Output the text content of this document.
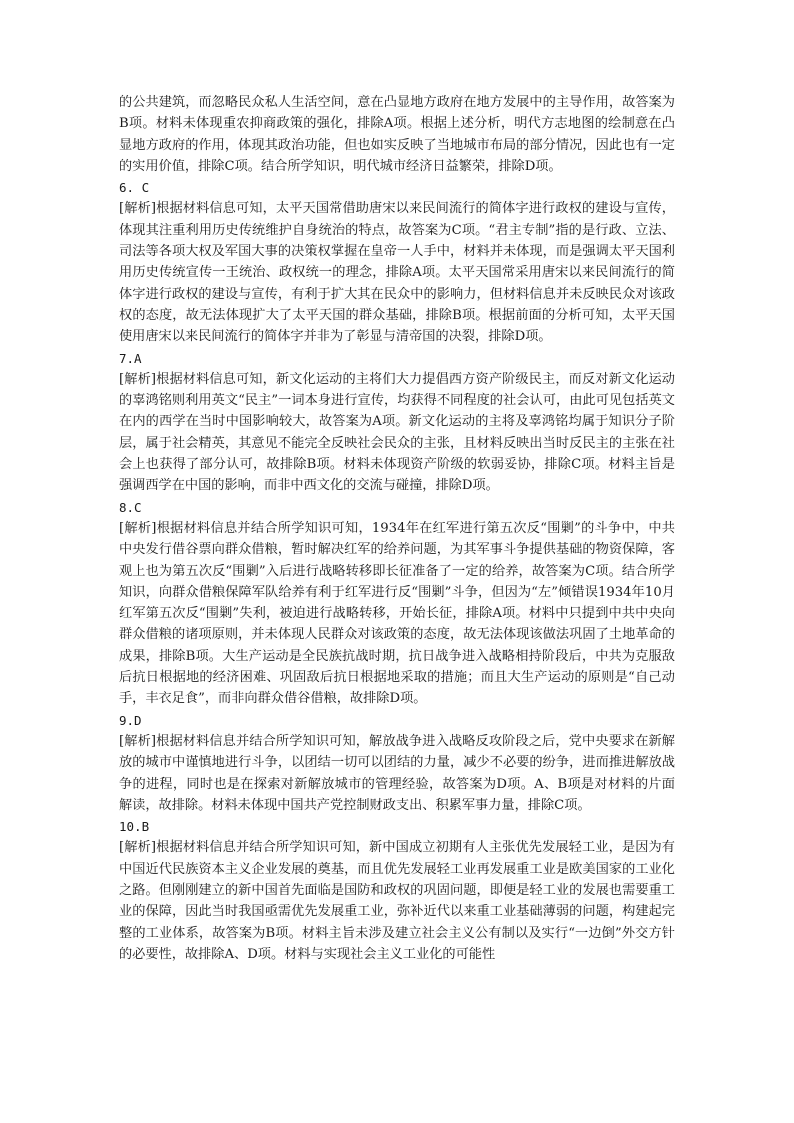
的公共建筑，而忽略民众私人生活空间，意在凸显地方政府在地方发展中的主导作用，故答案为B项。材料未体现重农抑商政策的强化，排除A项。根据上述分析，明代方志地图的绘制意在凸显地方政府的作用，体现其政治功能，但也如实反映了当地城市布局的部分情况，因此也有一定的实用价值，排除C项。结合所学知识，明代城市经济日益繁荣，排除D项。

6. C

[解析]根据材料信息可知，太平天国常借助唐宋以来民间流行的简体字进行政权的建设与宣传，体现其注重利用历史传统维护自身统治的特点，故答案为C项。“君主专制”指的是行政、立法、司法等各项大权及军国大事的决策权掌握在皇帝一人手中，材料并未体现，而是强调太平天国利用历史传统宣传一王统治、政权统一的理念，排除A项。太平天国常采用唐宋以来民间流行的简体字进行政权的建设与宣传，有利于扩大其在民众中的影响力，但材料信息并未反映民众对该政权的态度，故无法体现扩大了太平天国的群众基础，排除B项。根据前面的分析可知，太平天国使用唐宋以来民间流行的简体字并非为了彰显与清帝国的决裂，排除D项。

7.A

[解析]根据材料信息可知，新文化运动的主将们大力提倡西方资产阶级民主，而反对新文化运动的辜鸿铭则利用英文“民主”一词本身进行宣传，均获得不同程度的社会认可，由此可见包括英文在内的西学在当时中国影响较大，故答案为A项。新文化运动的主将及辜鸿铭均属于知识分子阶层，属于社会精英，其意见不能完全反映社会民众的主张，且材料反映出当时反民主的主张在社会上也获得了部分认可，故排除B项。材料未体现资产阶级的软弱妥协，排除C项。材料主旨是强调西学在中国的影响，而非中西文化的交流与碰撞，排除D项。

8.C

[解析]根据材料信息并结合所学知识可知，1934年在红军进行第五次反“围剿”的斗争中，中共中央发行借谷票向群众借粮，暂时解决红军的给养问题，为其军事斗争提供基础的物资保障，客观上也为第五次反“围剿”入后进行战略转移即长征准备了一定的给养，故答案为C项。结合所学知识，向群众借粮保障军队给养有利于红军进行反“围剿”斗争，但因为“左”倾错误1934年10月红军第五次反“围剿”失利，被迫进行战略转移，开始长征，排除A项。材料中只提到中共中央向群众借粮的诸项原则，并未体现人民群众对该政策的态度，故无法体现该做法巩固了土地革命的成果，排除B项。大生产运动是全民族抗战时期，抗日战争进入战略相持阶段后，中共为克服敌后抗日根据地的经济困难、巩固敌后抗日根据地采取的措施；而且大生产运动的原则是“自己动手，丰衣足食”，而非向群众借谷借粮，故排除D项。

9.D

[解析]根据材料信息并结合所学知识可知，解放战争进入战略反攻阶段之后，党中央要求在新解放的城市中谨慎地进行斗争，以团结一切可以团结的力量，减少不必要的纷争，进而推进解放战争的进程，同时也是在探索对新解放城市的管理经验，故答案为D项。A、B项是对材料的片面解读，故排除。材料未体现中国共产党控制财政支出、积累军事力量，排除C项。

10.B

[解析]根据材料信息并结合所学知识可知，新中国成立初期有人主张优先发展轻工业，是因为有中国近代民族资本主义企业发展的奠基，而且优先发展轻工业再发展重工业是欧美国家的工业化之路。但刚刚建立的新中国首先面临是国防和政权的巩固问题，即便是轻工业的发展也需要重工业的保障，因此当时我国亟需优先发展重工业，弥补近代以来重工业基础薄弱的问题，构建起完整的工业体系，故答案为B项。材料主旨未涉及建立社会主义公有制以及实行“一边倒”外交方针的必要性，故排除A、D项。材料与实现社会主义工业化的可能性
